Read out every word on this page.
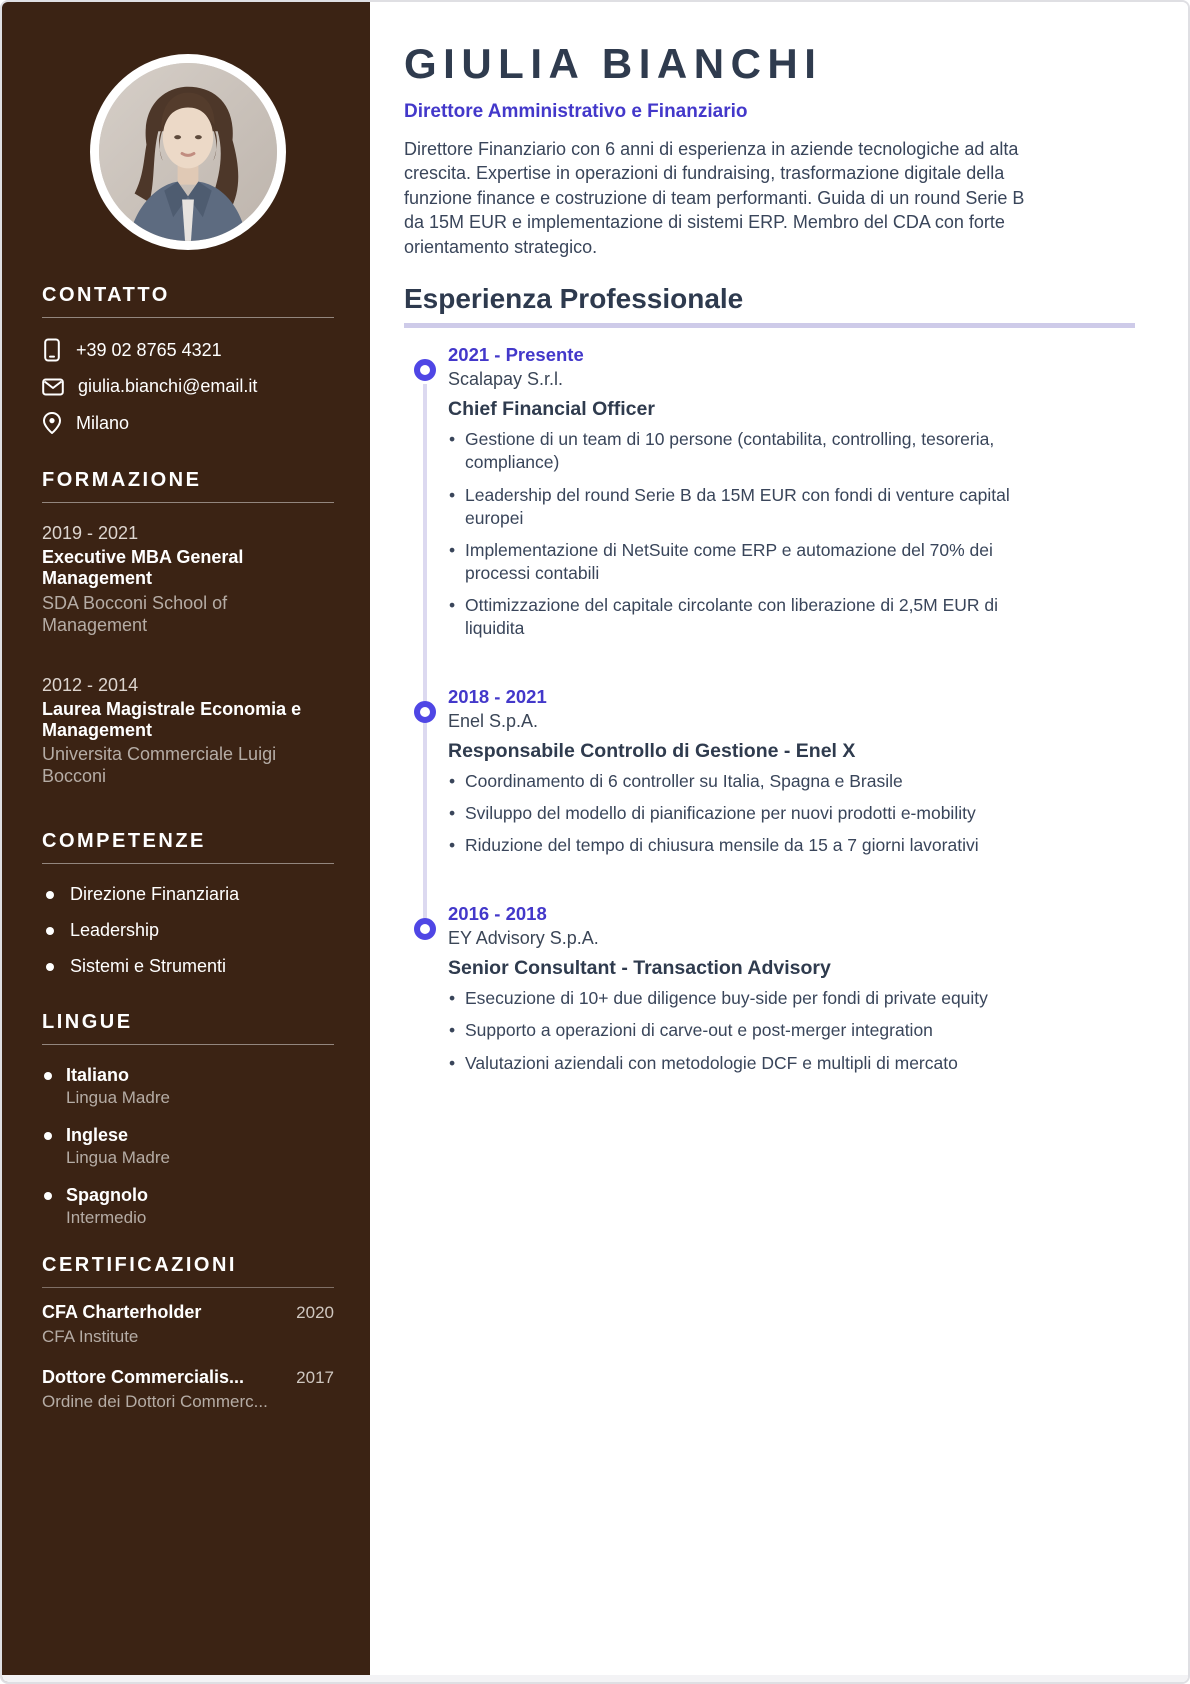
CONTATTO
+39 02 8765 4321
giulia.bianchi@email.it
Milano
FORMAZIONE
2019 - 2021
Executive MBA General Management
SDA Bocconi School of Management
2012 - 2014
Laurea Magistrale Economia e Management
Universita Commerciale Luigi Bocconi
COMPETENZE
Direzione Finanziaria
Leadership
Sistemi e Strumenti
LINGUE
Italiano
Lingua Madre
Inglese
Lingua Madre
Spagnolo
Intermedio
CERTIFICAZIONI
CFA Charterholder	2020
CFA Institute
Dottore Commercialis...	2017
Ordine dei Dottori Commerc...
GIULIA BIANCHI
Direttore Amministrativo e Finanziario

Direttore Finanziario con 6 anni di esperienza in aziende tecnologiche ad alta crescita. Expertise in operazioni di fundraising, trasformazione digitale della funzione finance e costruzione di team performanti. Guida di un round Serie B da 15M EUR e implementazione di sistemi ERP. Membro del CDA con forte orientamento strategico.

Esperienza Professionale
2021 - Presente
Scalapay S.r.l.
Chief Financial Officer
• Gestione di un team di 10 persone (contabilita, controlling, tesoreria, compliance)
• Leadership del round Serie B da 15M EUR con fondi di venture capital europei
• Implementazione di NetSuite come ERP e automazione del 70% dei processi contabili
• Ottimizzazione del capitale circolante con liberazione di 2,5M EUR di liquidita
2018 - 2021
Enel S.p.A.
Responsabile Controllo di Gestione - Enel X
• Coordinamento di 6 controller su Italia, Spagna e Brasile
• Sviluppo del modello di pianificazione per nuovi prodotti e-mobility
• Riduzione del tempo di chiusura mensile da 15 a 7 giorni lavorativi
2016 - 2018
EY Advisory S.p.A.
Senior Consultant - Transaction Advisory
• Esecuzione di 10+ due diligence buy-side per fondi di private equity
• Supporto a operazioni di carve-out e post-merger integration
• Valutazioni aziendali con metodologie DCF e multipli di mercato
